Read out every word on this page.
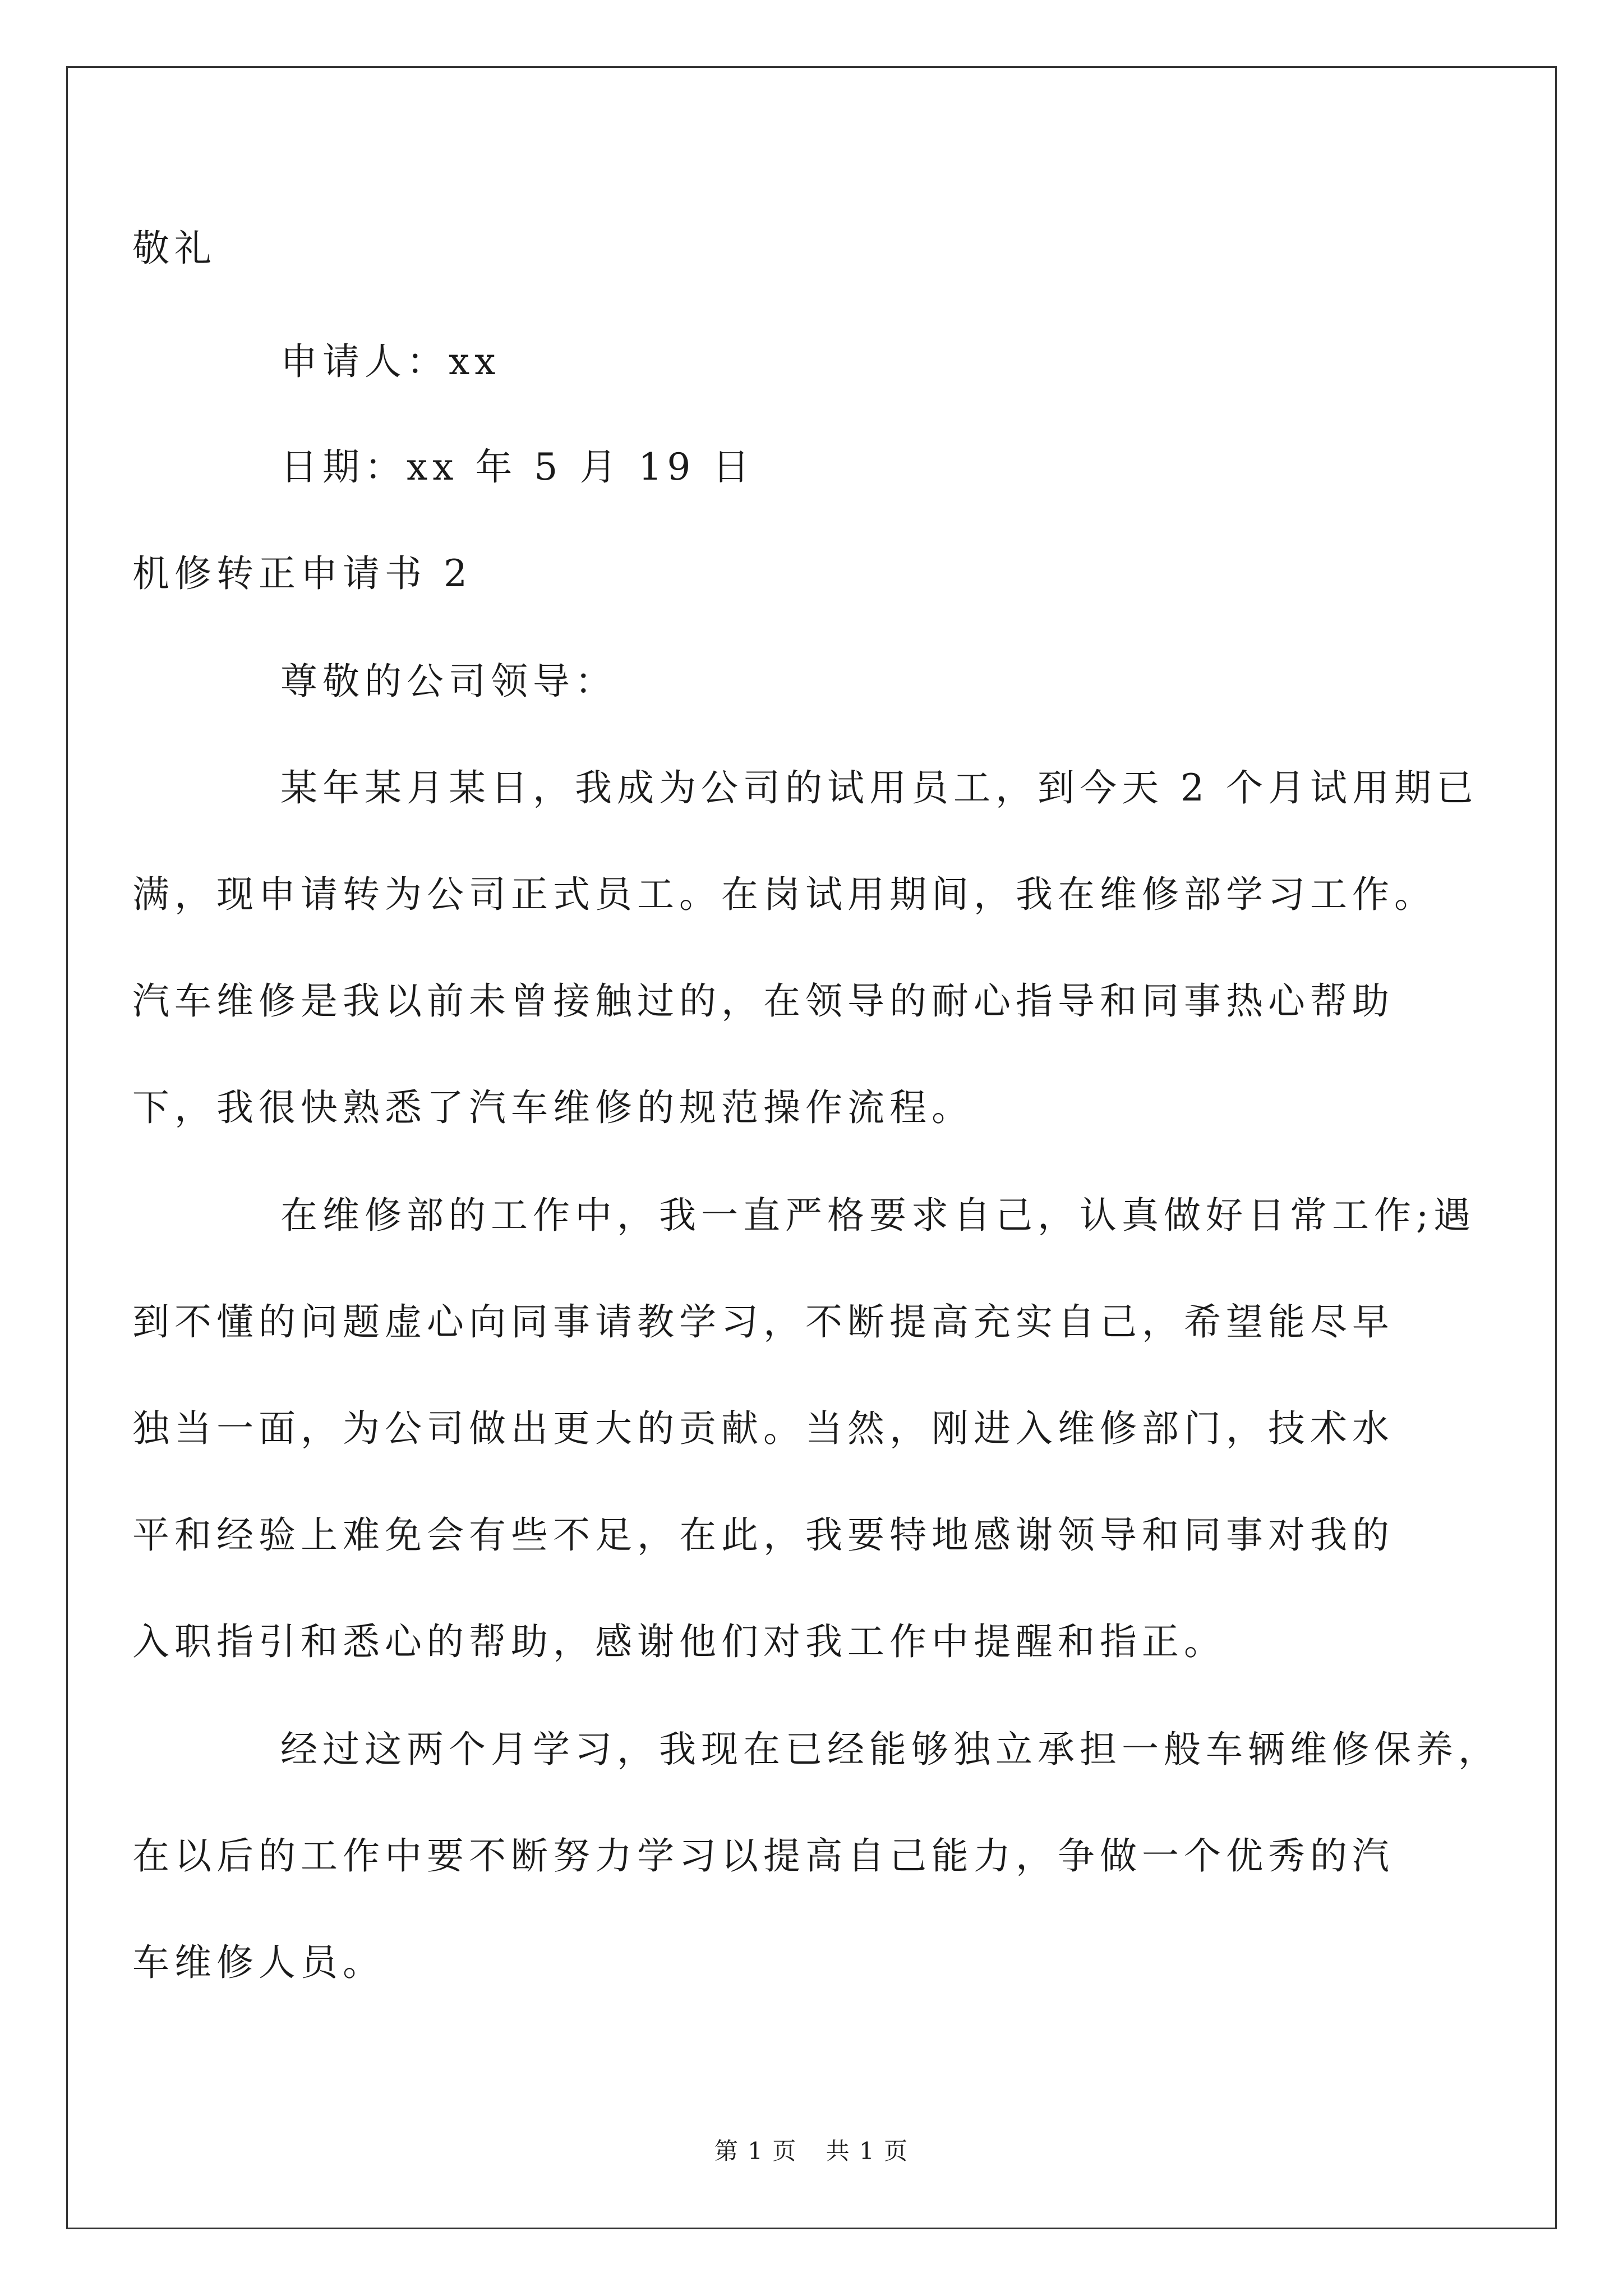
敬礼
申请人：xx
日期：xx 年 5 月 19 日
机修转正申请书 2
尊敬的公司领导：
某年某月某日，我成为公司的试用员工，到今天 2 个月试用期已
满，现申请转为公司正式员工。在岗试用期间，我在维修部学习工作。
汽车维修是我以前未曾接触过的，在领导的耐心指导和同事热心帮助
下，我很快熟悉了汽车维修的规范操作流程。
在维修部的工作中，我一直严格要求自己，认真做好日常工作;遇
到不懂的问题虚心向同事请教学习，不断提高充实自己，希望能尽早
独当一面，为公司做出更大的贡献。当然，刚进入维修部门，技术水
平和经验上难免会有些不足，在此，我要特地感谢领导和同事对我的
入职指引和悉心的帮助，感谢他们对我工作中提醒和指正。
经过这两个月学习，我现在已经能够独立承担一般车辆维修保养，
在以后的工作中要不断努力学习以提高自己能力，争做一个优秀的汽
车维修人员。
第 1 页 共 1 页
